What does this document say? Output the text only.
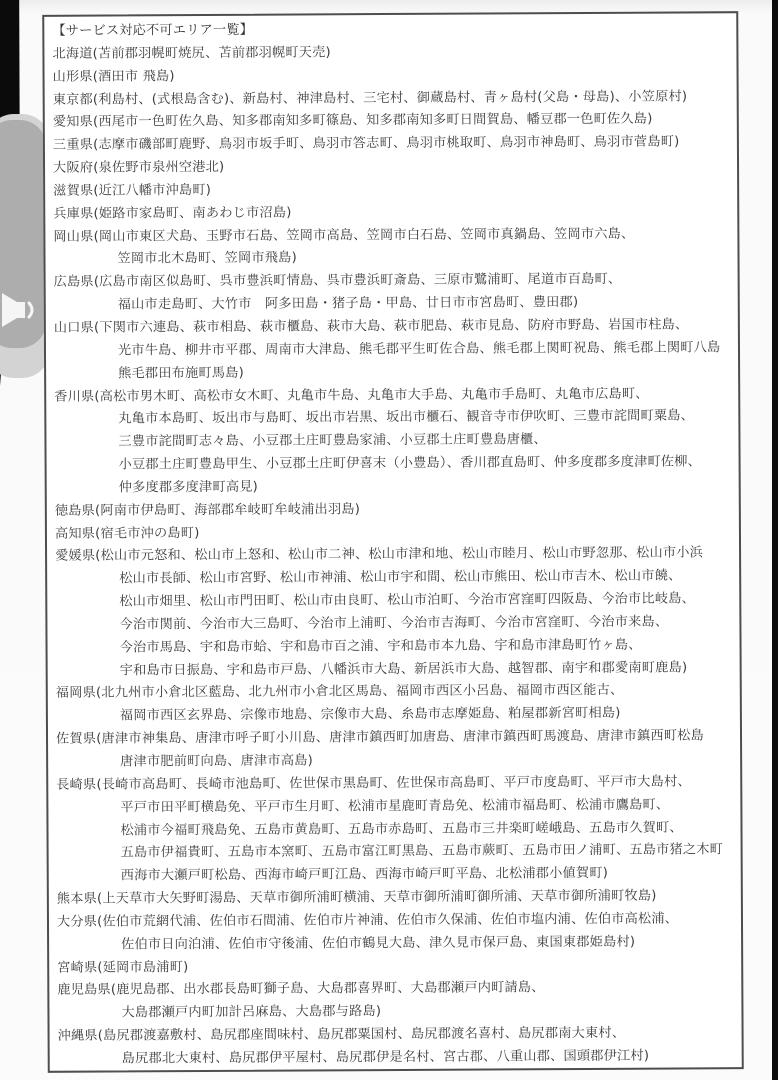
【サービス対応不可エリア一覧】
北海道(苫前郡羽幌町焼尻、苫前郡羽幌町天売)
山形県(酒田市 飛島)
東京都(利島村、(式根島含む)、新島村、神津島村、三宅村、御蔵島村、青ヶ島村(父島・母島)、小笠原村)
愛知県(西尾市一色町佐久島、知多郡南知多町篠島、知多郡南知多町日間賀島、幡豆郡一色町佐久島)
三重県(志摩市磯部町鹿野、鳥羽市坂手町、鳥羽市答志町、鳥羽市桃取町、鳥羽市神島町、鳥羽市菅島町)
大阪府(泉佐野市泉州空港北)
滋賀県(近江八幡市沖島町)
兵庫県(姫路市家島町、南あわじ市沼島)
岡山県(岡山市東区犬島、玉野市石島、笠岡市高島、笠岡市白石島、笠岡市真鍋島、笠岡市六島、
笠岡市北木島町、笠岡市飛島)
広島県(広島市南区似島町、呉市豊浜町情島、呉市豊浜町斎島、三原市鷺浦町、尾道市百島町、
福山市走島町、大竹市　阿多田島・猪子島・甲島、廿日市市宮島町、豊田郡)
山口県(下関市六連島、萩市相島、萩市櫃島、萩市大島、萩市肥島、萩市見島、防府市野島、岩国市柱島、
光市牛島、柳井市平郡、周南市大津島、熊毛郡平生町佐合島、熊毛郡上関町祝島、熊毛郡上関町八島
熊毛郡田布施町馬島)
香川県(高松市男木町、高松市女木町、丸亀市牛島、丸亀市大手島、丸亀市手島町、丸亀市広島町、
丸亀市本島町、坂出市与島町、坂出市岩黒、坂出市櫃石、観音寺市伊吹町、三豊市詫間町粟島、
三豊市詫間町志々島、小豆郡土庄町豊島家浦、小豆郡土庄町豊島唐櫃、
小豆郡土庄町豊島甲生、小豆郡土庄町伊喜末（小豊島）、香川郡直島町、仲多度郡多度津町佐柳、
仲多度郡多度津町高見)
徳島県(阿南市伊島町、海部郡牟岐町牟岐浦出羽島)
高知県(宿毛市沖の島町)
愛媛県(松山市元怒和、松山市上怒和、松山市二神、松山市津和地、松山市睦月、松山市野忽那、松山市小浜
松山市長師、松山市宮野、松山市神浦、松山市宇和間、松山市熊田、松山市吉木、松山市饒、
松山市畑里、松山市門田町、松山市由良町、松山市泊町、今治市宮窪町四阪島、今治市比岐島、
今治市関前、今治市大三島町、今治市上浦町、今治市吉海町、今治市宮窪町、今治市来島、
今治市馬島、宇和島市蛤、宇和島市百之浦、宇和島市本九島、宇和島市津島町竹ヶ島、
宇和島市日振島、宇和島市戸島、八幡浜市大島、新居浜市大島、越智郡、南宇和郡愛南町鹿島)
福岡県(北九州市小倉北区藍島、北九州市小倉北区馬島、福岡市西区小呂島、福岡市西区能古、
福岡市西区玄界島、宗像市地島、宗像市大島、糸島市志摩姫島、粕屋郡新宮町相島)
佐賀県(唐津市神集島、唐津市呼子町小川島、唐津市鎮西町加唐島、唐津市鎮西町馬渡島、唐津市鎮西町松島
唐津市肥前町向島、唐津市高島)
長崎県(長崎市高島町、長崎市池島町、佐世保市黒島町、佐世保市高島町、平戸市度島町、平戸市大島村、
平戸市田平町横島免、平戸市生月町、松浦市星鹿町青島免、松浦市福島町、松浦市鷹島町、
松浦市今福町飛島免、五島市黄島町、五島市赤島町、五島市三井楽町嵯峨島、五島市久賀町、
五島市伊福貴町、五島市本窯町、五島市富江町黒島、五島市蕨町、五島市田ノ浦町、五島市猪之木町
西海市大瀬戸町松島、西海市崎戸町江島、西海市崎戸町平島、北松浦郡小値賀町)
熊本県(上天草市大矢野町湯島、天草市御所浦町横浦、天草市御所浦町御所浦、天草市御所浦町牧島)
大分県(佐伯市荒網代浦、佐伯市石間浦、佐伯市片神浦、佐伯市久保浦、佐伯市塩内浦、佐伯市高松浦、
佐伯市日向泊浦、佐伯市守後浦、佐伯市鶴見大島、津久見市保戸島、東国東郡姫島村)
宮崎県(延岡市島浦町)
鹿児島県(鹿児島郡、出水郡長島町獅子島、大島郡喜界町、大島郡瀬戸内町請島、
大島郡瀬戸内町加計呂麻島、大島郡与路島)
沖縄県(島尻郡渡嘉敷村、島尻郡座間味村、島尻郡粟国村、島尻郡渡名喜村、島尻郡南大東村、
島尻郡北大東村、島尻郡伊平屋村、島尻郡伊是名村、宮古郡、八重山郡、国頭郡伊江村)
